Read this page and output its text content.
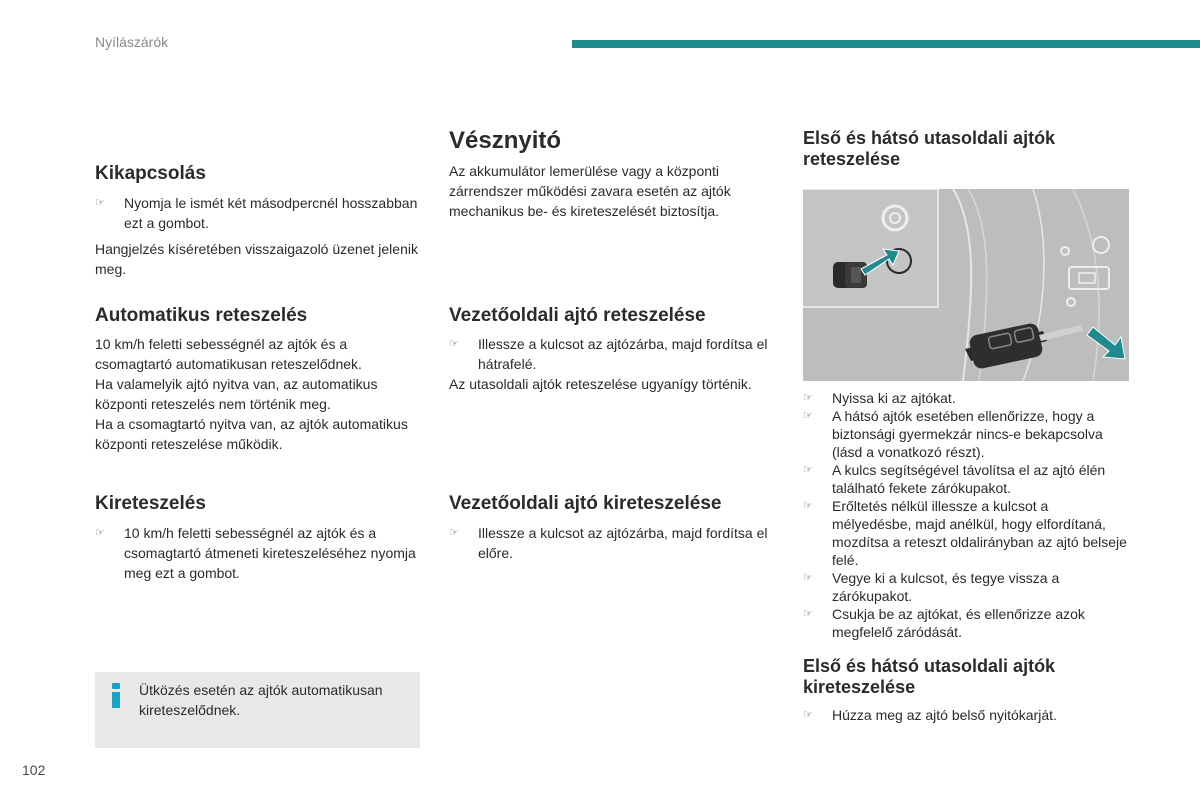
Nyílászárók
Kikapcsolás
☞ Nyomja le ismét két másodpercnél hosszabban ezt a gombot.

Hangjelzés kíséretében visszaigazoló üzenet jelenik meg.

Automatikus reteszelés

10 km/h feletti sebességnél az ajtók és a csomagtartó automatikusan reteszelődnek.

Ha valamelyik ajtó nyitva van, az automatikus központi reteszelés nem történik meg.

Ha a csomagtartó nyitva van, az ajtók automatikus központi reteszelése működik.

Kireteszelés
☞ 10 km/h feletti sebességnél az ajtók és a csomagtartó átmeneti kireteszeléséhez nyomja meg ezt a gombot.
Ütközés esetén az ajtók automatikusan kireteszelődnek.
Vésznyitó

Az akkumulátor lemerülése vagy a központi zárrendszer működési zavara esetén az ajtók mechanikus be- és kireteszelését biztosítja.

Vezetőoldali ajtó reteszelése
☞ Illessze a kulcsot az ajtózárba, majd fordítsa el hátrafelé.

Az utasoldali ajtók reteszelése ugyanígy történik.

Vezetőoldali ajtó kireteszelése
☞ Illessze a kulcsot az ajtózárba, majd fordítsa el előre.
Első és hátsó utasoldali ajtók reteszelése
☞ Nyissa ki az ajtókat.
☞ A hátsó ajtók esetében ellenőrizze, hogy a biztonsági gyermekzár nincs-e bekapcsolva (lásd a vonatkozó részt).
☞ A kulcs segítségével távolítsa el az ajtó élén található fekete zárókupakot.
☞ Erőltetés nélkül illessze a kulcsot a mélyedésbe, majd anélkül, hogy elfordítaná, mozdítsa a reteszt oldalirányban az ajtó belseje felé.
☞ Vegye ki a kulcsot, és tegye vissza a zárókupakot.
☞ Csukja be az ajtókat, és ellenőrizze azok megfelelő záródását.
Első és hátsó utasoldali ajtók kireteszelése
☞ Húzza meg az ajtó belső nyitókarját.
102
